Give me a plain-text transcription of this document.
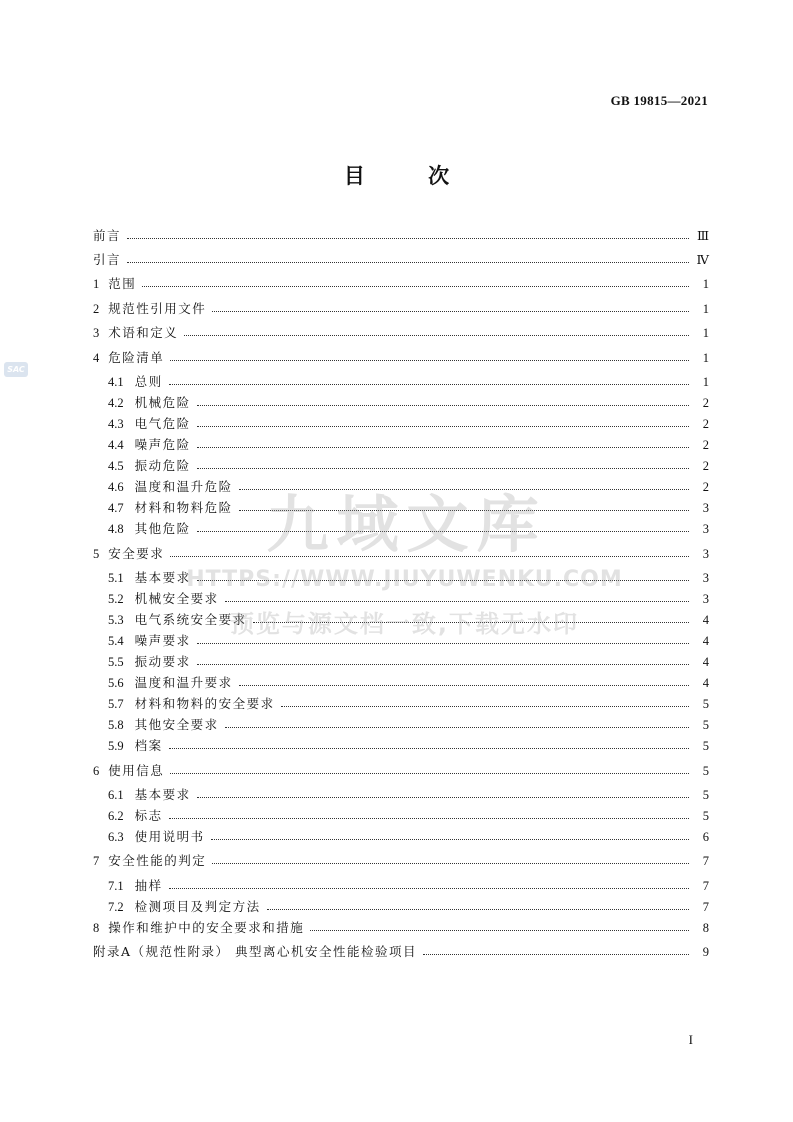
GB 19815—2021
目 次
前言	Ⅲ
引言	Ⅳ
1 范围	1
2 规范性引用文件	1
3 术语和定义	1
4 危险清单	1
4.1 总则	1
4.2 机械危险	2
4.3 电气危险	2
4.4 噪声危险	2
4.5 振动危险	2
4.6 温度和温升危险	2
4.7 材料和物料危险	3
4.8 其他危险	3
5 安全要求	3
5.1 基本要求	3
5.2 机械安全要求	3
5.3 电气系统安全要求	4
5.4 噪声要求	4
5.5 振动要求	4
5.6 温度和温升要求	4
5.7 材料和物料的安全要求	5
5.8 其他安全要求	5
5.9 档案	5
6 使用信息	5
6.1 基本要求	5
6.2 标志	5
6.3 使用说明书	6
7 安全性能的判定	7
7.1 抽样	7
7.2 检测项目及判定方法	7
8 操作和维护中的安全要求和措施	8
附录A（规范性附录） 典型离心机安全性能检验项目	9
I
SAC
九域文库
HTTPS://WWW.JIUYUWENKU.COM
预览与源文档一致,下载无水印
